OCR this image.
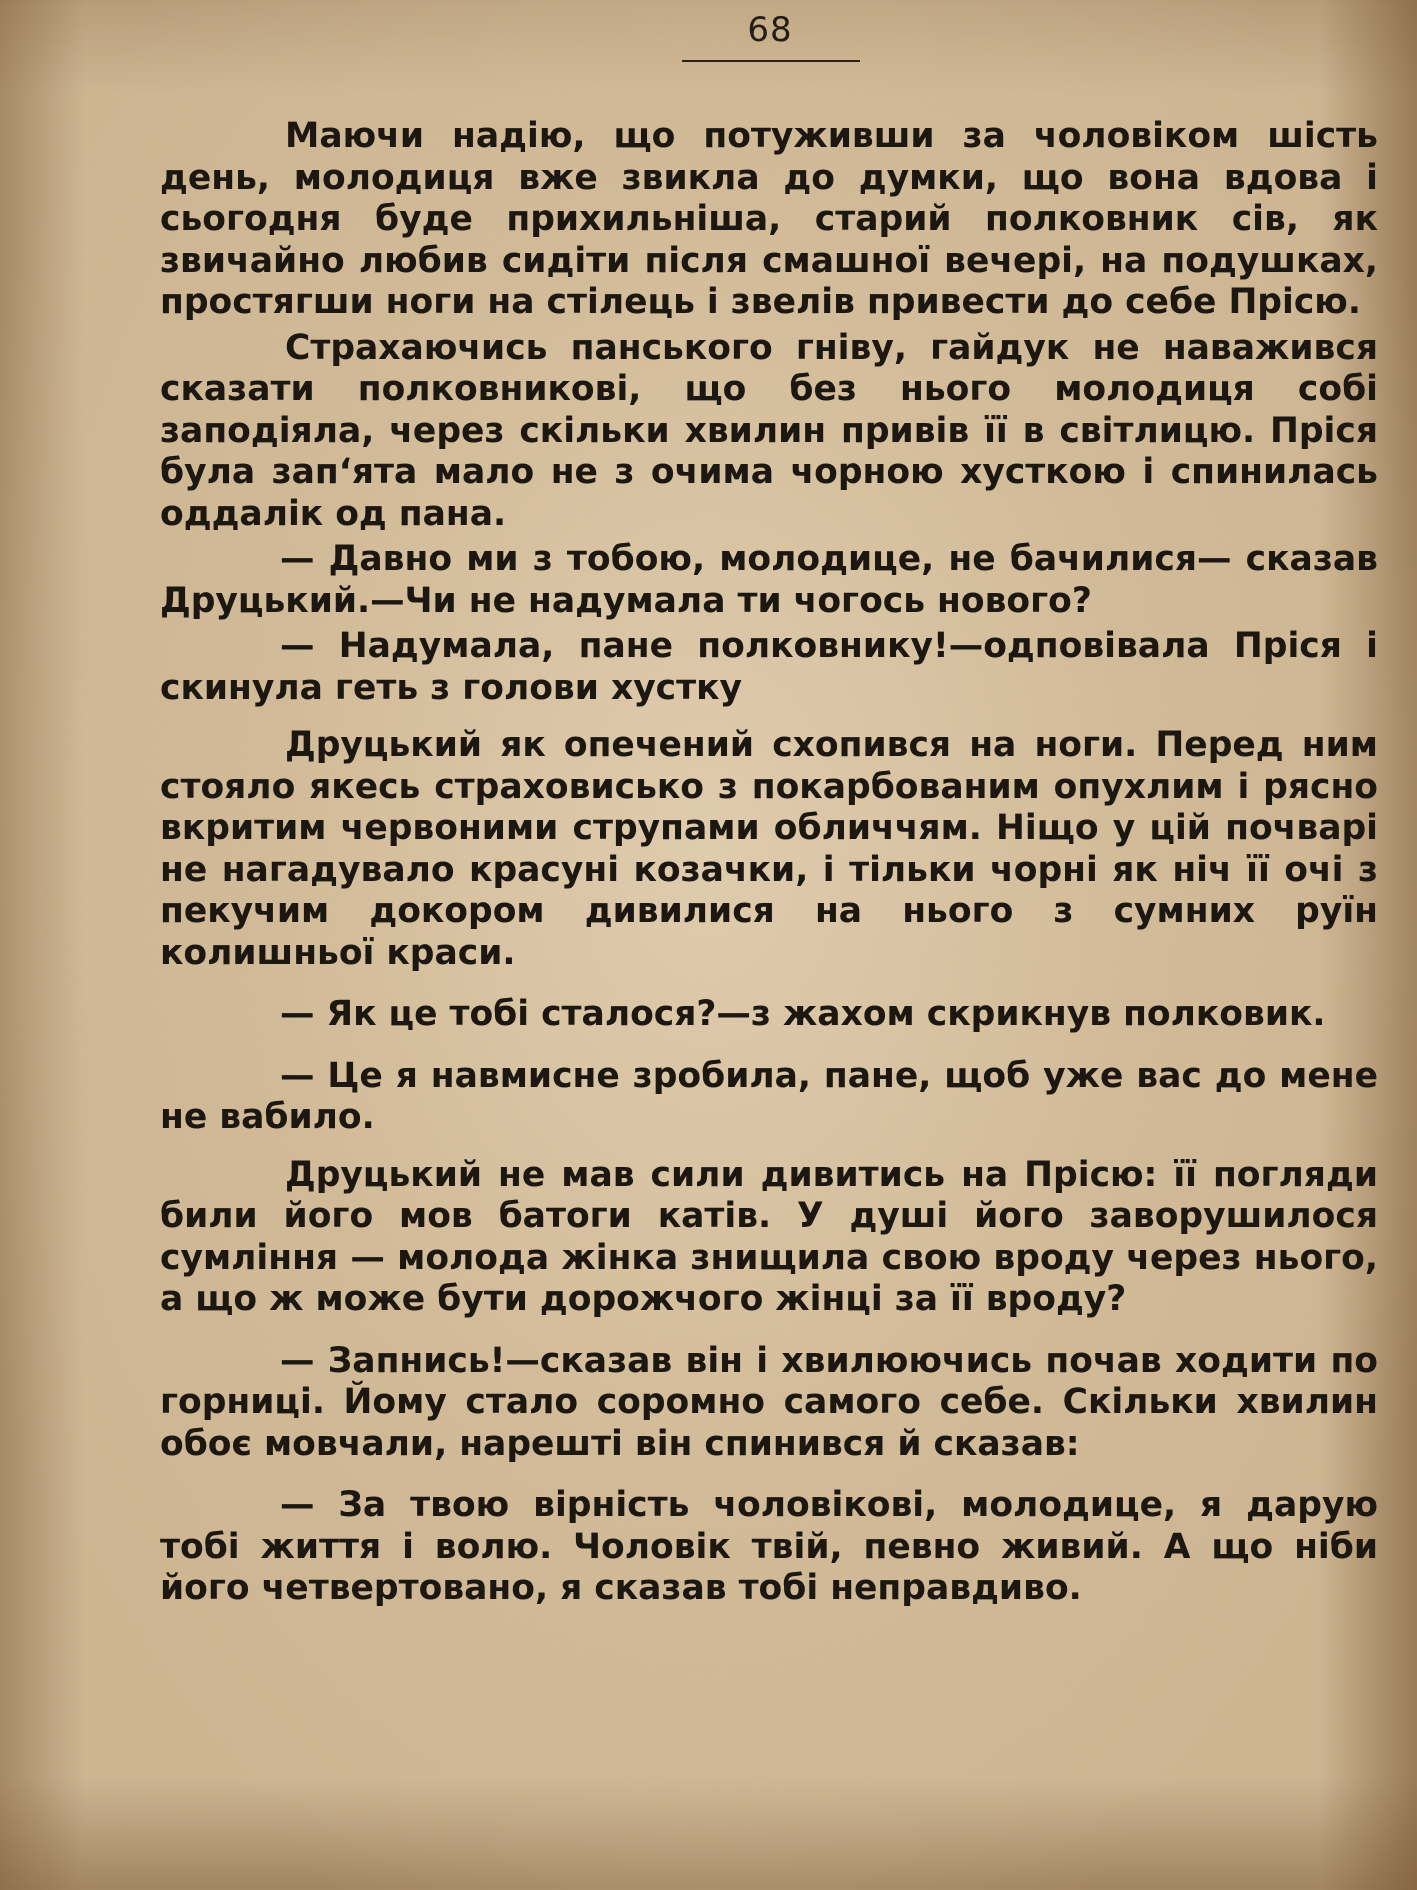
68

Маючи надію, що потуживши за чоловіком шість день, молодиця вже звикла до думки, що вона вдова і сьогодня буде прихильніша, старий полковник сів, як звичайно любив сидіти після смашної вечері, на подушках, простягши ноги на стілець і звелів привести до себе Прісю.

Страхаючись панського гніву, гайдук не наважився сказати полковникові, що без нього молодиця собі заподіяла, через скільки хвилин привів її в світлицю. Пріся була зап‘ята мало не з очима чорною хусткою і спинилась оддалік од пана.

— Давно ми з тобою, молодице, не бачилися— сказав Друцький.—Чи не надумала ти чогось нового?

— Надумала, пане полковнику!—одповівала Пріся і скинула геть з голови хустку

Друцький як опечений схопився на ноги. Перед ним стояло якесь страховисько з покарбованим опухлим і рясно вкритим червоними струпами обличчям. Ніщо у цій почварі не нагадувало красуні козачки, і тільки чорні як ніч її очі з пекучим докором дивилися на нього з сумних руїн колишньої краси.

— Як це тобі сталося?—з жахом скрикнув полковик.

— Це я навмисне зробила, пане, щоб уже вас до мене не вабило.

Друцький не мав сили дивитись на Прісю: її погляди били його мов батоги катів. У душі його заворушилося сумління — молода жінка знищила свою вроду через нього, а що ж може бути дорожчого жінці за її вроду?

— Запнись!—сказав він і хвилюючись почав ходити по горниці. Йому стало соромно самого себе. Скільки хвилин обоє мовчали, нарешті він спинився й сказав:

— За твою вірність чоловікові, молодице, я дарую тобі життя і волю. Чоловік твій, певно живий. А що ніби його четвертовано, я сказав тобі неправдиво.
